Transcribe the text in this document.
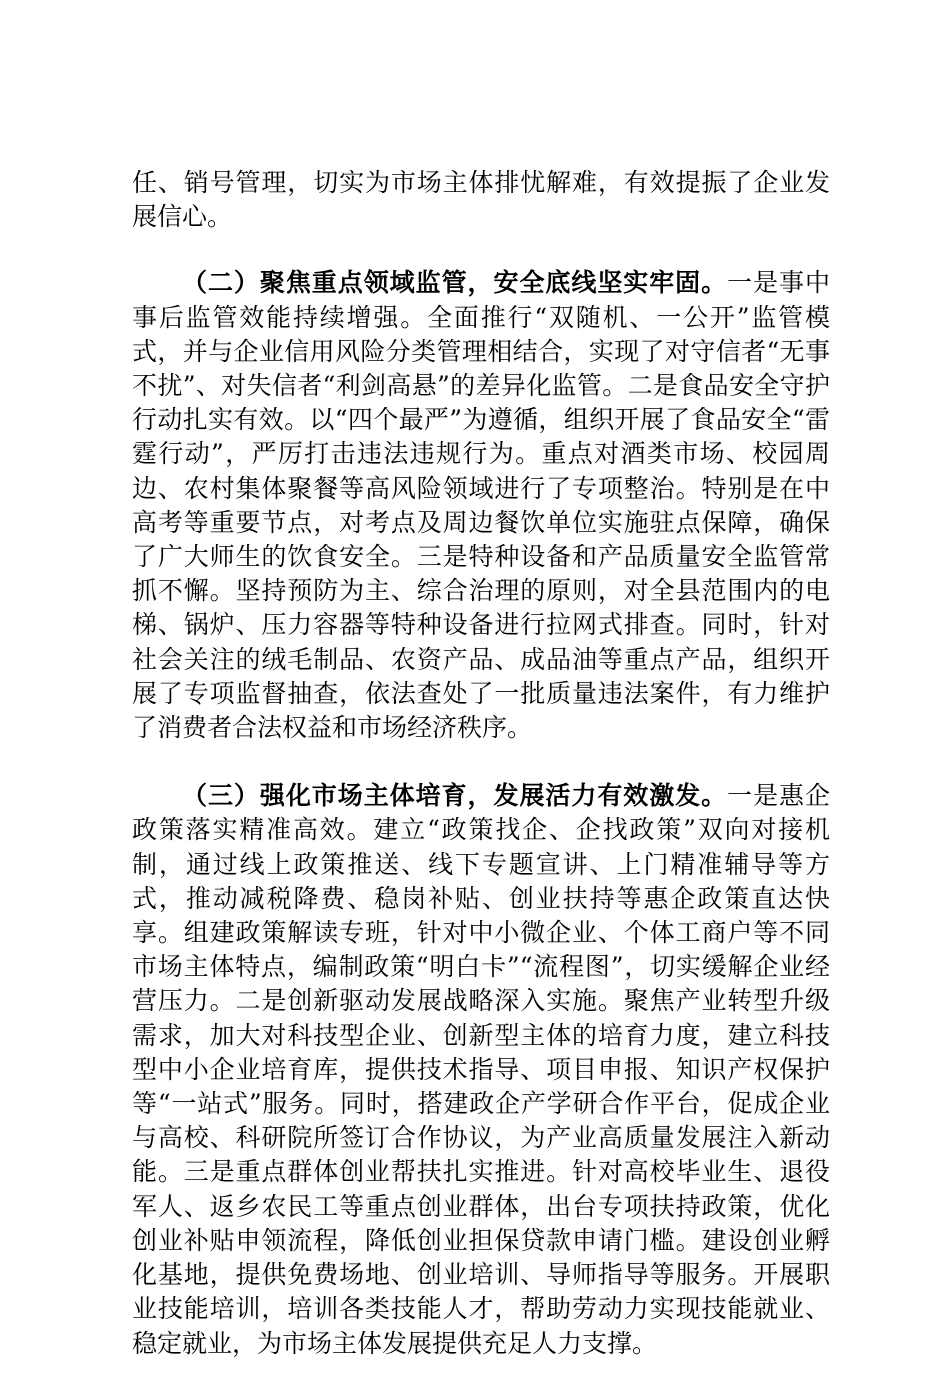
任、销号管理，切实为市场主体排忧解难，有效提振了企业发展信心。

（二）聚焦重点领域监管，安全底线坚实牢固。一是事中事后监管效能持续增强。全面推行“双随机、一公开”监管模式，并与企业信用风险分类管理相结合，实现了对守信者“无事不扰”、对失信者“利剑高悬”的差异化监管。二是食品安全守护行动扎实有效。以“四个最严”为遵循，组织开展了食品安全“雷霆行动”，严厉打击违法违规行为。重点对酒类市场、校园周边、农村集体聚餐等高风险领域进行了专项整治。特别是在中高考等重要节点，对考点及周边餐饮单位实施驻点保障，确保了广大师生的饮食安全。三是特种设备和产品质量安全监管常抓不懈。坚持预防为主、综合治理的原则，对全县范围内的电梯、锅炉、压力容器等特种设备进行拉网式排查。同时，针对社会关注的绒毛制品、农资产品、成品油等重点产品，组织开展了专项监督抽查，依法查处了一批质量违法案件，有力维护了消费者合法权益和市场经济秩序。

（三）强化市场主体培育，发展活力有效激发。一是惠企政策落实精准高效。建立“政策找企、企找政策”双向对接机制，通过线上政策推送、线下专题宣讲、上门精准辅导等方式，推动减税降费、稳岗补贴、创业扶持等惠企政策直达快享。组建政策解读专班，针对中小微企业、个体工商户等不同市场主体特点，编制政策“明白卡”“流程图”，切实缓解企业经营压力。二是创新驱动发展战略深入实施。聚焦产业转型升级需求，加大对科技型企业、创新型主体的培育力度，建立科技型中小企业培育库，提供技术指导、项目申报、知识产权保护等“一站式”服务。同时，搭建政企产学研合作平台，促成企业与高校、科研院所签订合作协议，为产业高质量发展注入新动能。三是重点群体创业帮扶扎实推进。针对高校毕业生、退役军人、返乡农民工等重点创业群体，出台专项扶持政策，优化创业补贴申领流程，降低创业担保贷款申请门槛。建设创业孵化基地，提供免费场地、创业培训、导师指导等服务。开展职业技能培训，培训各类技能人才，帮助劳动力实现技能就业、稳定就业，为市场主体发展提供充足人力支撑。
